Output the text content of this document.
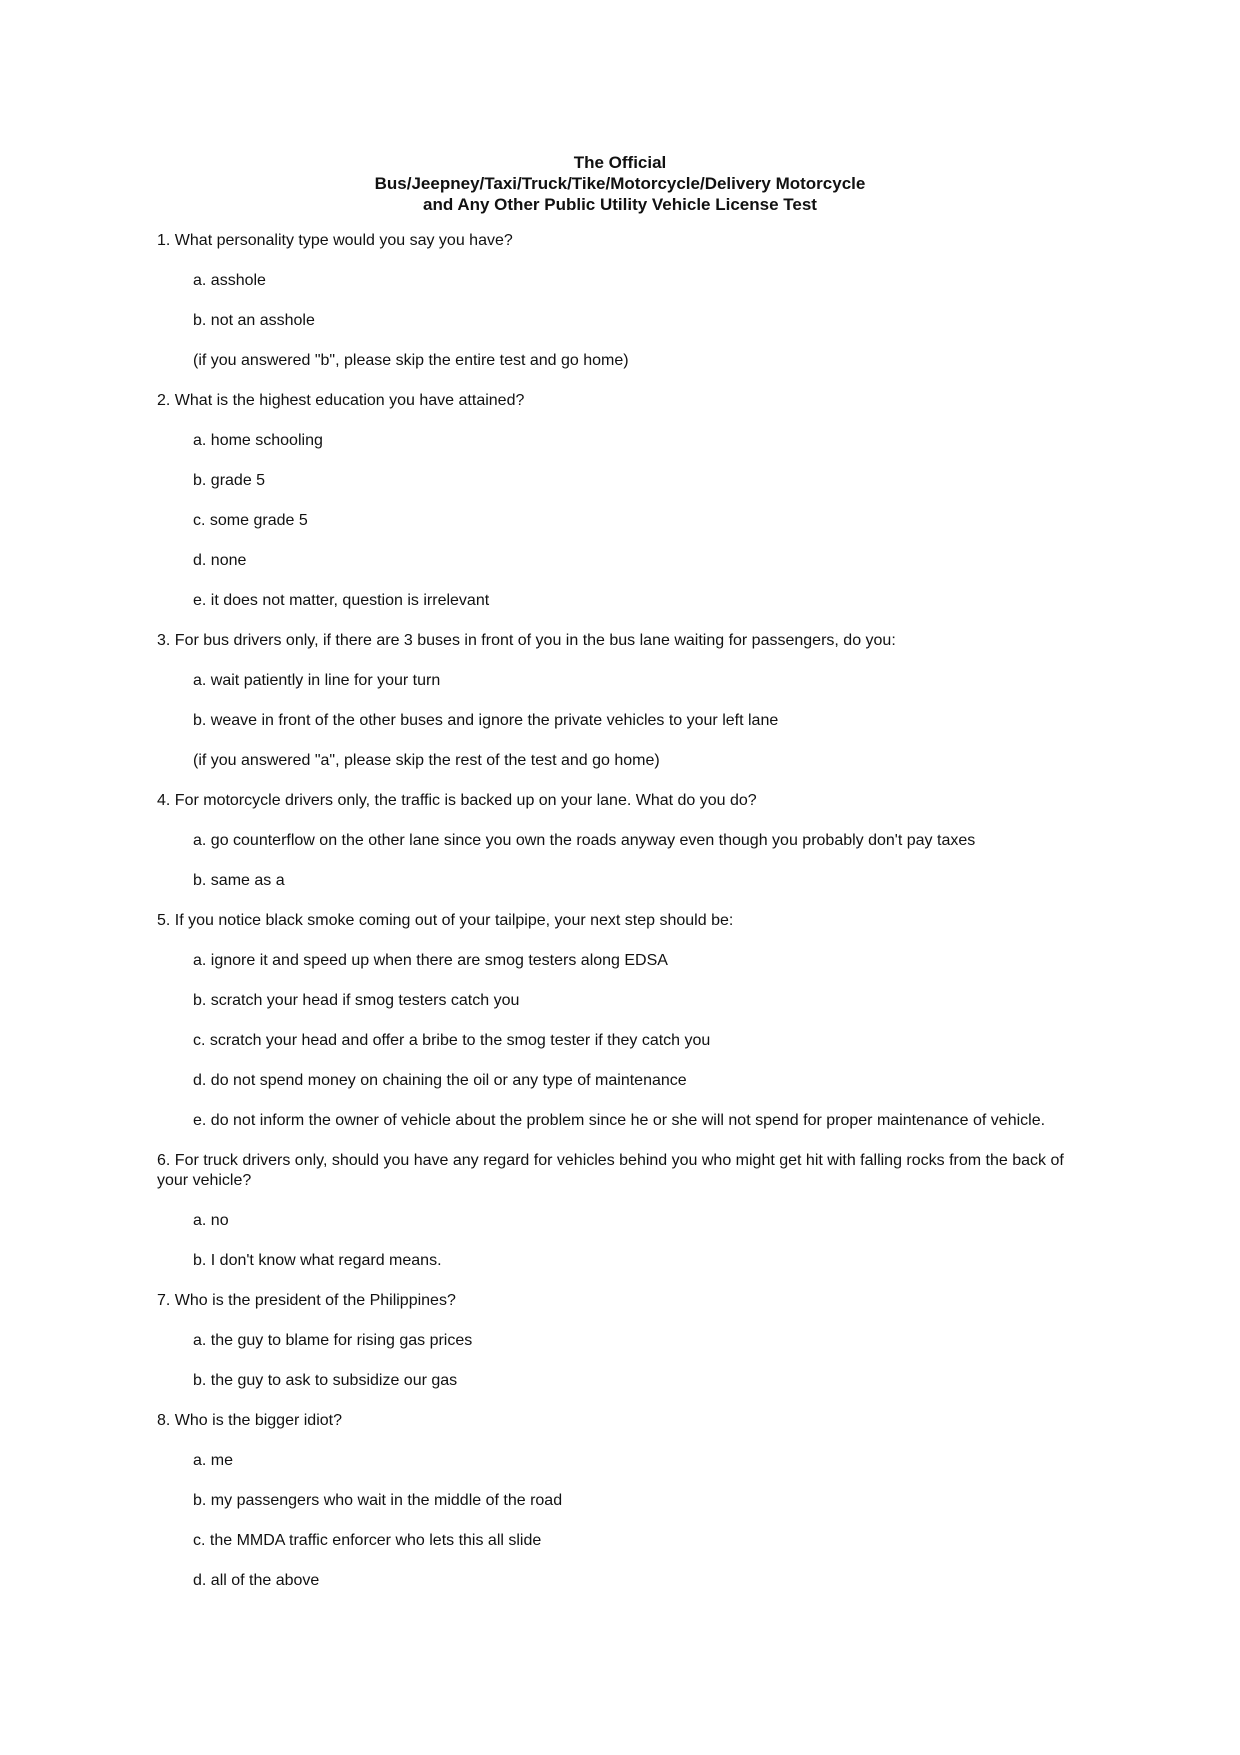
The Official
Bus/Jeepney/Taxi/Truck/Tike/Motorcycle/Delivery Motorcycle
and Any Other Public Utility Vehicle License Test
1. What personality type would you say you have?
a. asshole
b. not an asshole
(if you answered "b", please skip the entire test and go home)
2. What is the highest education you have attained?
a. home schooling
b. grade 5
c. some grade 5
d. none
e. it does not matter, question is irrelevant
3. For bus drivers only, if there are 3 buses in front of you in the bus lane waiting for passengers, do you:
a. wait patiently in line for your turn
b. weave in front of the other buses and ignore the private vehicles to your left lane
(if you answered "a", please skip the rest of the test and go home)
4. For motorcycle drivers only, the traffic is backed up on your lane. What do you do?
a. go counterflow on the other lane since you own the roads anyway even though you probably don't pay taxes
b. same as a
5. If you notice black smoke coming out of your tailpipe, your next step should be:
a. ignore it and speed up when there are smog testers along EDSA
b. scratch your head if smog testers catch you
c. scratch your head and offer a bribe to the smog tester if they catch you
d. do not spend money on chaining the oil or any type of maintenance
e. do not inform the owner of vehicle about the problem since he or she will not spend for proper maintenance of vehicle.
6. For truck drivers only, should you have any regard for vehicles behind you who might get hit with falling rocks from the back of your vehicle?
a. no
b. I don't know what regard means.
7. Who is the president of the Philippines?
a. the guy to blame for rising gas prices
b. the guy to ask to subsidize our gas
8. Who is the bigger idiot?
a. me
b. my passengers who wait in the middle of the road
c. the MMDA traffic enforcer who lets this all slide
d. all of the above
